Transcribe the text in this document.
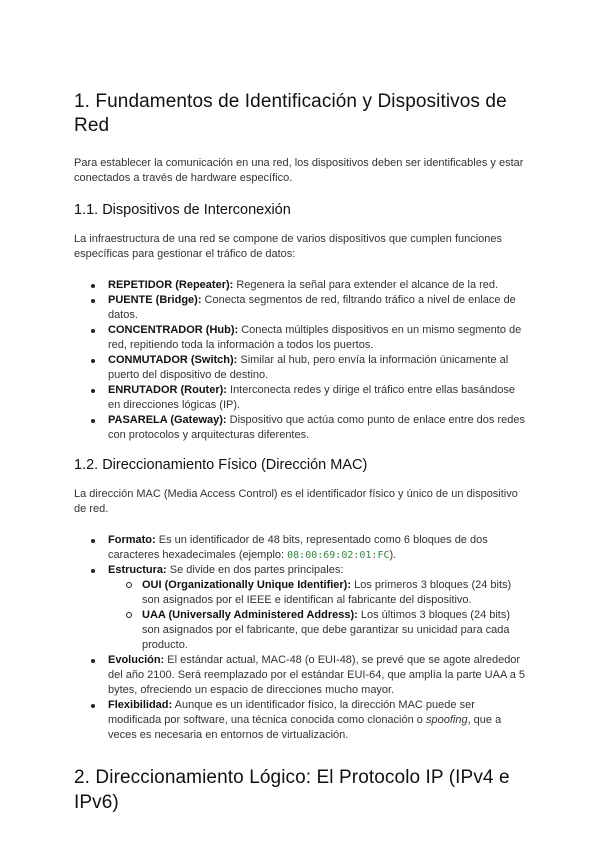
1. Fundamentos de Identificación y Dispositivos de Red

Para establecer la comunicación en una red, los dispositivos deben ser identificables y estar conectados a través de hardware específico.

1.1. Dispositivos de Interconexión

La infraestructura de una red se compone de varios dispositivos que cumplen funciones específicas para gestionar el tráfico de datos:

REPETIDOR (Repeater): Regenera la señal para extender el alcance de la red.
PUENTE (Bridge): Conecta segmentos de red, filtrando tráfico a nivel de enlace de datos.
CONCENTRADOR (Hub): Conecta múltiples dispositivos en un mismo segmento de red, repitiendo toda la información a todos los puertos.
CONMUTADOR (Switch): Similar al hub, pero envía la información únicamente al puerto del dispositivo de destino.
ENRUTADOR (Router): Interconecta redes y dirige el tráfico entre ellas basándose en direcciones lógicas (IP).
PASARELA (Gateway): Dispositivo que actúa como punto de enlace entre dos redes con protocolos y arquitecturas diferentes.
1.2. Direccionamiento Físico (Dirección MAC)

La dirección MAC (Media Access Control) es el identificador físico y único de un dispositivo de red.

Formato: Es un identificador de 48 bits, representado como 6 bloques de dos caracteres hexadecimales (ejemplo: 08:00:69:02:01:FC).
Estructura: Se divide en dos partes principales:
OUI (Organizationally Unique Identifier): Los primeros 3 bloques (24 bits) son asignados por el IEEE e identifican al fabricante del dispositivo.
UAA (Universally Administered Address): Los últimos 3 bloques (24 bits) son asignados por el fabricante, que debe garantizar su unicidad para cada producto.
Evolución: El estándar actual, MAC-48 (o EUI-48), se prevé que se agote alrededor del año 2100. Será reemplazado por el estándar EUI-64, que amplía la parte UAA a 5 bytes, ofreciendo un espacio de direcciones mucho mayor.
Flexibilidad: Aunque es un identificador físico, la dirección MAC puede ser modificada por software, una técnica conocida como clonación o spoofing, que a veces es necesaria en entornos de virtualización.
2. Direccionamiento Lógico: El Protocolo IP (IPv4 e IPv6)
